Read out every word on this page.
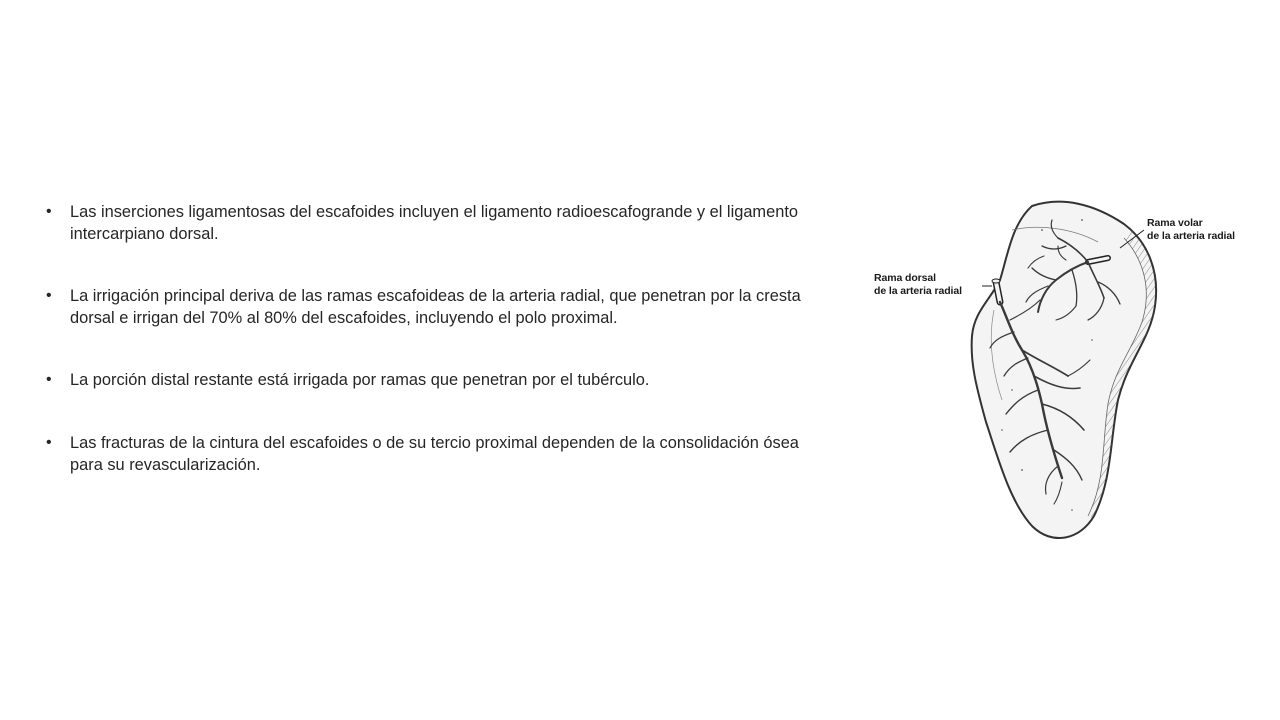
• Las inserciones ligamentosas del escafoides incluyen el ligamento radioescafogrande y el ligamento intercarpiano dorsal.
• La irrigación principal deriva de las ramas escafoideas de la arteria radial, que penetran por la cresta dorsal e irrigan del 70% al 80% del escafoides, incluyendo el polo proximal.
• La porción distal restante está irrigada por ramas que penetran por el tubérculo.
• Las fracturas de la cintura del escafoides o de su tercio proximal dependen de la consolidación ósea para su revascularización.
Rama dorsal
de la arteria radial
Rama volar
de la arteria radial
